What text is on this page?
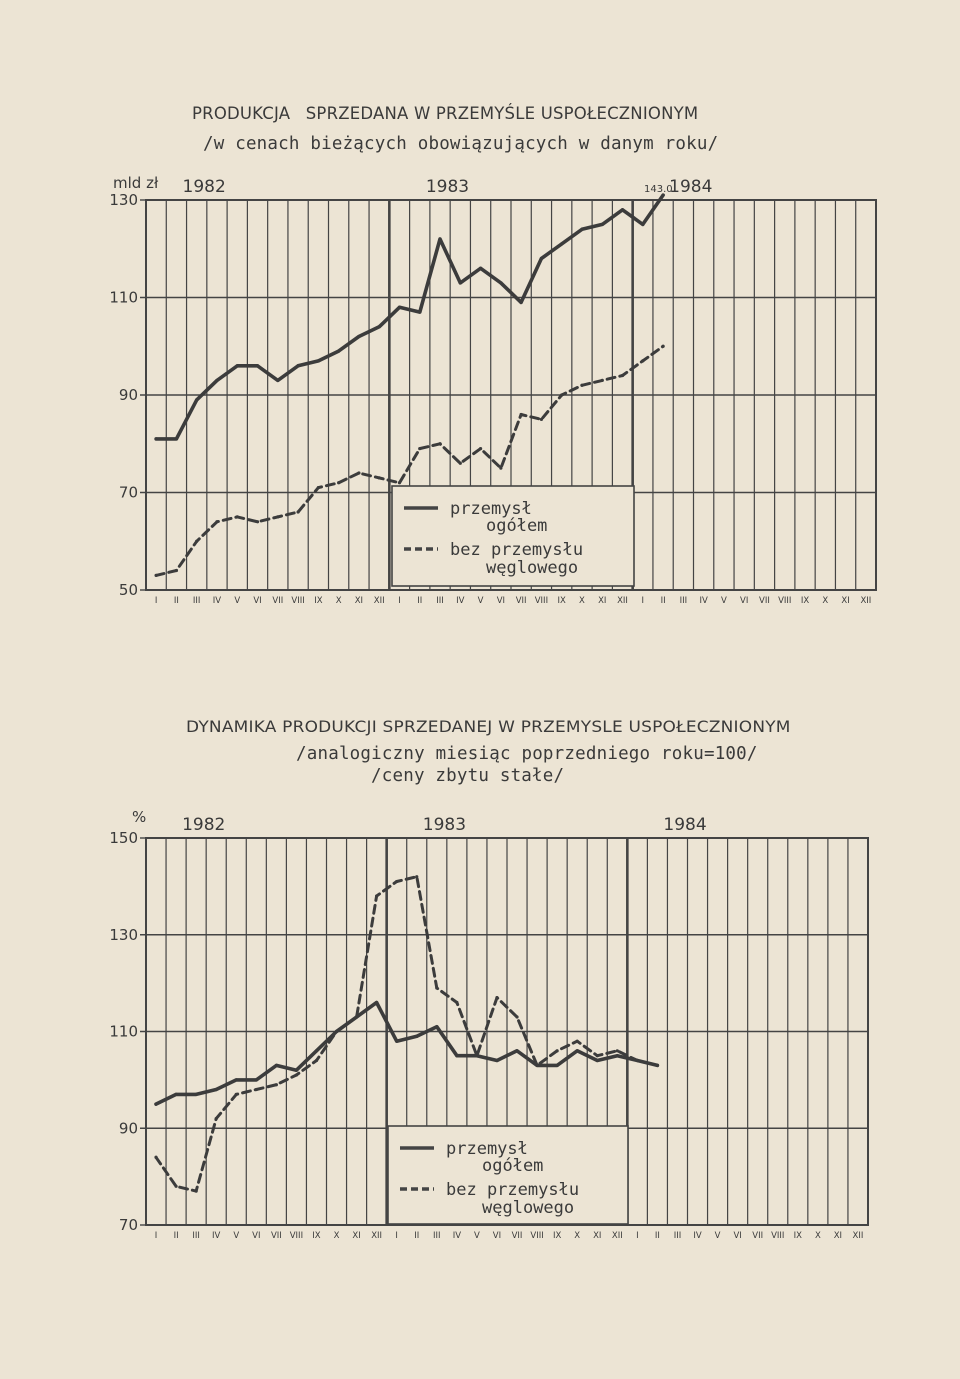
PRODUKCJA SPRZEDANA W PRZEMYŚLE USPOŁECZNIONYM
/w cenach bieżących obowiązujących w danym roku/
DYNAMIKA PRODUKCJI SPRZEDANEJ W PRZEMYSLE USPOŁECZNIONYM
/analogiczny miesiąc poprzedniego roku=100/
/ceny zbytu stałe/
130
110
90
70
50
mld zł 1982	1983	1984
I II III IV V VI VII VIII IX X XI XII I II III IV V VI VII VIII IX X XI XII I II III IV V VI VII VIII IX X XI XII
przemysł
ogółem
bez przemysłu
węglowego
143.0
150
130
110
90
70
% 1982	1983	1984
I II III IV V VI VII VIII IX X XI XII I II III IV V VI VII VIII IX X XI XII I II III IV V VI VII VIII IX X XI XII
przemysł
ogółem
bez przemysłu
węglowego
